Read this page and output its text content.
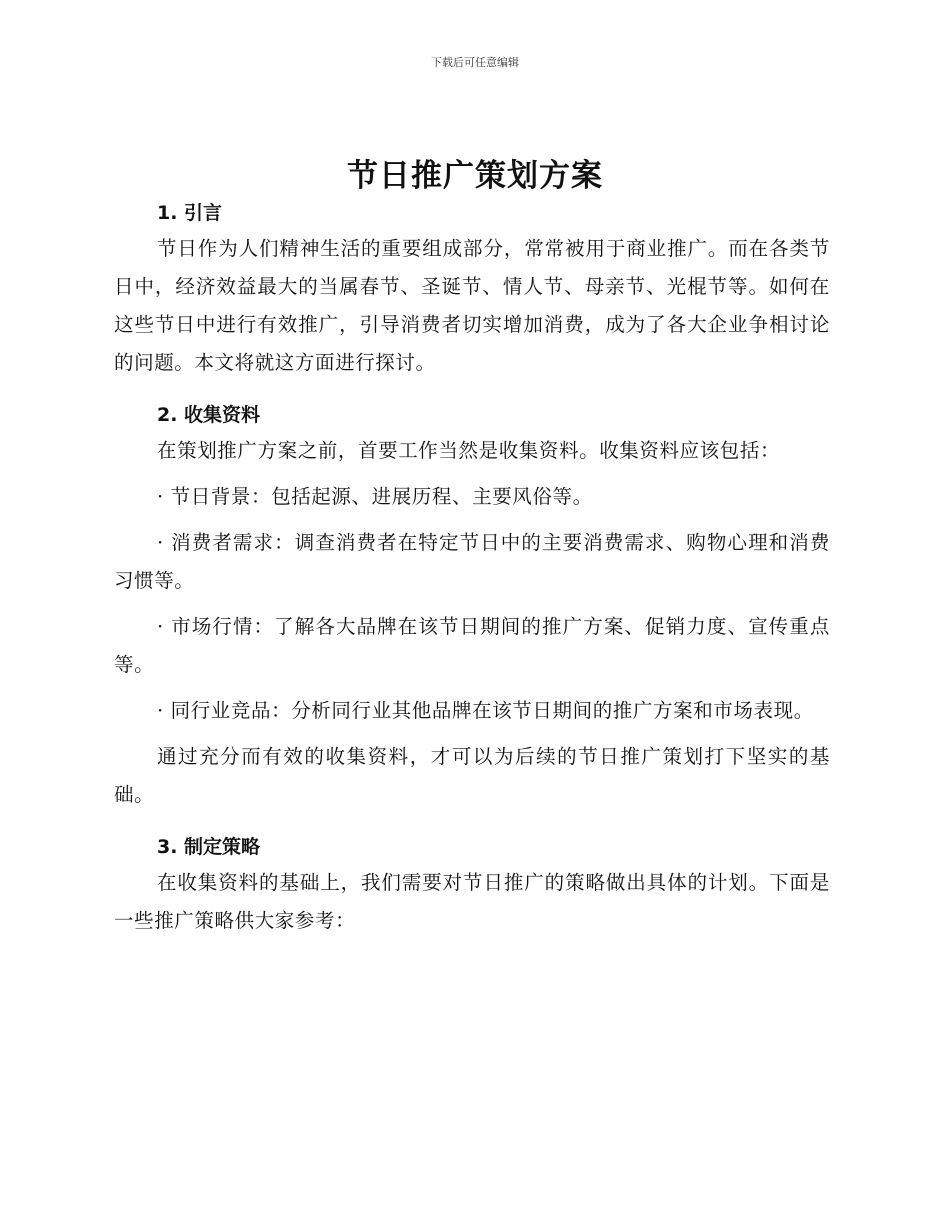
下载后可任意编辑
节日推广策划方案
1. 引言

节日作为人们精神生活的重要组成部分，常常被用于商业推广。而在各类节日中，经济效益最大的当属春节、圣诞节、情人节、母亲节、光棍节等。如何在这些节日中进行有效推广，引导消费者切实增加消费，成为了各大企业争相讨论的问题。本文将就这方面进行探讨。

2. 收集资料

在策划推广方案之前，首要工作当然是收集资料。收集资料应该包括：

· 节日背景：包括起源、进展历程、主要风俗等。

· 消费者需求：调查消费者在特定节日中的主要消费需求、购物心理和消费习惯等。

· 市场行情：了解各大品牌在该节日期间的推广方案、促销力度、宣传重点等。

· 同行业竞品：分析同行业其他品牌在该节日期间的推广方案和市场表现。

通过充分而有效的收集资料，才可以为后续的节日推广策划打下坚实的基础。

3. 制定策略

在收集资料的基础上，我们需要对节日推广的策略做出具体的计划。下面是一些推广策略供大家参考：
